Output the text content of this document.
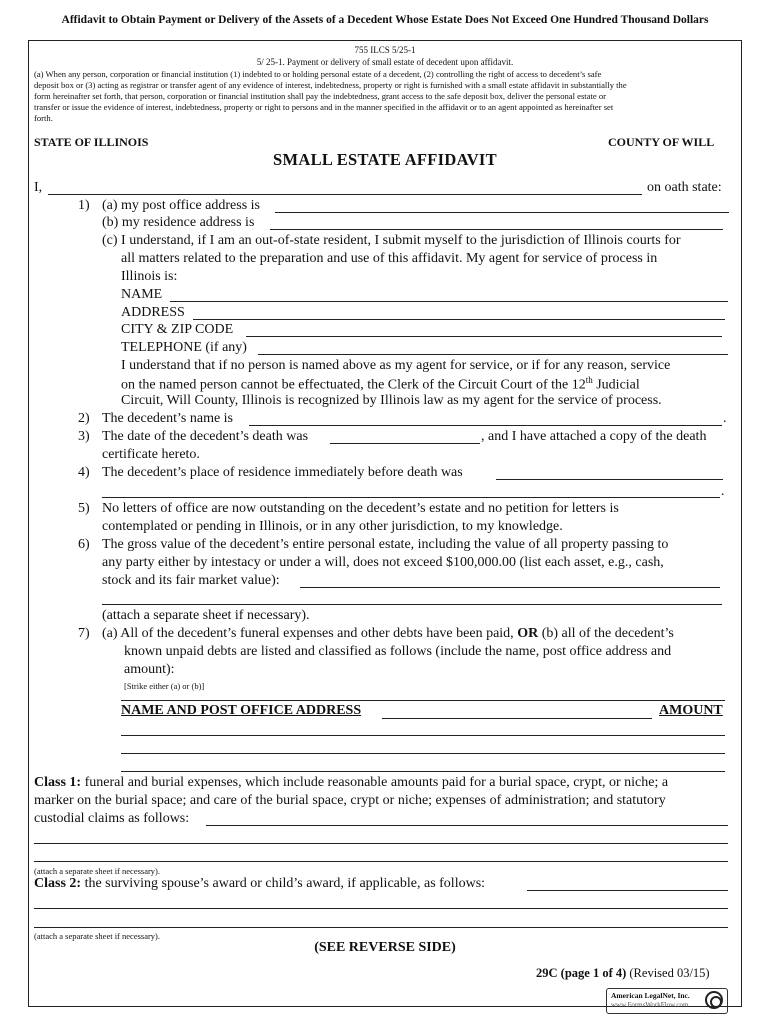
Affidavit to Obtain Payment or Delivery of the Assets of a Decedent Whose Estate Does Not Exceed One Hundred Thousand Dollars
755 ILCS 5/25-1
5/ 25-1. Payment or delivery of small estate of decedent upon affidavit.
(a) When any person, corporation or financial institution (1) indebted to or holding personal estate of a decedent, (2) controlling the right of access to decedent’s safe
deposit box or (3) acting as registrar or transfer agent of any evidence of interest, indebtedness, property or right is furnished with a small estate affidavit in substantially the
form hereinafter set forth, that person, corporation or financial institution shall pay the indebtedness, grant access to the safe deposit box, deliver the personal estate or
transfer or issue the evidence of interest, indebtedness, property or right to persons and in the manner specified in the affidavit or to an agent appointed as hereinafter set
forth.
STATE OF ILLINOIS	COUNTY OF WILL
SMALL ESTATE AFFIDAVIT
I,	on oath state:
1) (a) my post office address is
(b) my residence address is
(c) I understand, if I am an out-of-state resident, I submit myself to the jurisdiction of Illinois courts for
all matters related to the preparation and use of this affidavit. My agent for service of process in
Illinois is:
NAME
ADDRESS
CITY & ZIP CODE
TELEPHONE (if any)
I understand that if no person is named above as my agent for service, or if for any reason, service
on the named person cannot be effectuated, the Clerk of the Circuit Court of the 12th Judicial
Circuit, Will County, Illinois is recognized by Illinois law as my agent for the service of process.
2) The decedent’s name is	.
3) The date of the decedent’s death was	, and I have attached a copy of the death
certificate hereto.
4) The decedent’s place of residence immediately before death was
.
5) No letters of office are now outstanding on the decedent’s estate and no petition for letters is
contemplated or pending in Illinois, or in any other jurisdiction, to my knowledge.
6) The gross value of the decedent’s entire personal estate, including the value of all property passing to
any party either by intestacy or under a will, does not exceed $100,000.00 (list each asset, e.g., cash,
stock and its fair market value):
(attach a separate sheet if necessary).
7) (a) All of the decedent’s funeral expenses and other debts have been paid, OR (b) all of the decedent’s
known unpaid debts are listed and classified as follows (include the name, post office address and
amount):
[Strike either (a) or (b)]
NAME AND POST OFFICE ADDRESS	AMOUNT
Class 1: funeral and burial expenses, which include reasonable amounts paid for a burial space, crypt, or niche; a
marker on the burial space; and care of the burial space, crypt or niche; expenses of administration; and statutory
custodial claims as follows:
(attach a separate sheet if necessary).
Class 2: the surviving spouse’s award or child’s award, if applicable, as follows:
(attach a separate sheet if necessary).
(SEE REVERSE SIDE)
29C (page 1 of 4) (Revised 03/15)
American LegalNet, Inc.
www.FormsWorkFlow.com
